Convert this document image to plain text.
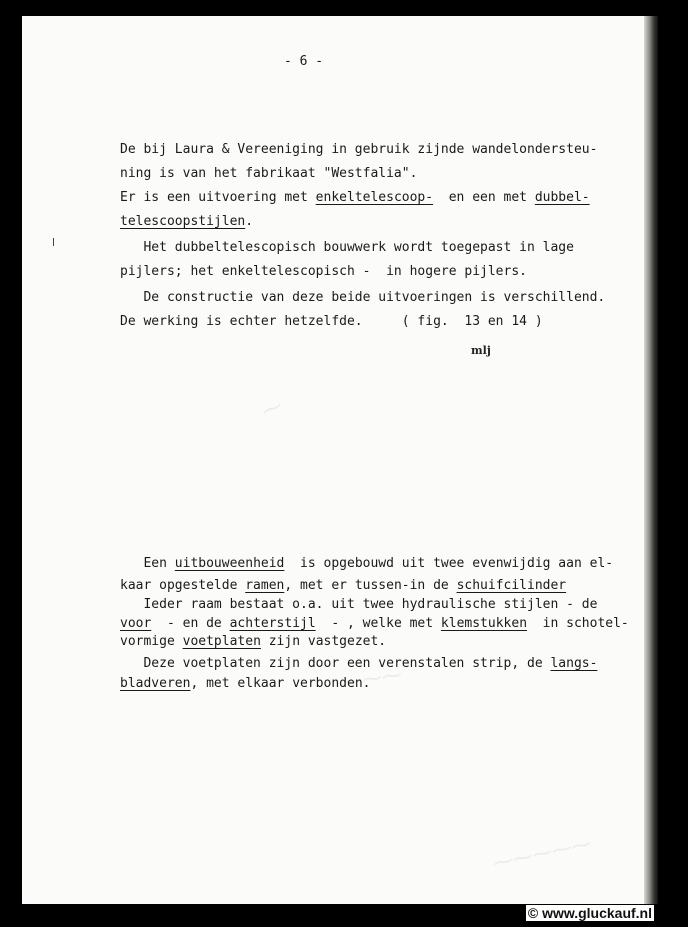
⁓
⁓⁓⁓
⁓⁓⁓⁓⁓
- 6 -
De bij Laura & Vereeniging in gebruik zijnde wandelondersteu-
ning is van het fabrikaat "Westfalia".
Er is een uitvoering met enkeltelescoop-  en een met dubbel-
telescoopstijlen.
Het dubbeltelescopisch bouwwerk wordt toegepast in lage
pijlers; het enkeltelescopisch -  in hogere pijlers.
De constructie van deze beide uitvoeringen is verschillend.
De werking is echter hetzelfde.     ( fig.  13 en 14 )
mlj
Een uitbouweenheid  is opgebouwd uit twee evenwijdig aan el-
kaar opgestelde ramen, met er tussen-in de schuifcilinder
Ieder raam bestaat o.a. uit twee hydraulische stijlen - de
voor  - en de achterstijl  - , welke met klemstukken  in schotel-
vormige voetplaten zijn vastgezet.
Deze voetplaten zijn door een verenstalen strip, de langs-
bladveren, met elkaar verbonden.
© www.gluckauf.nl
